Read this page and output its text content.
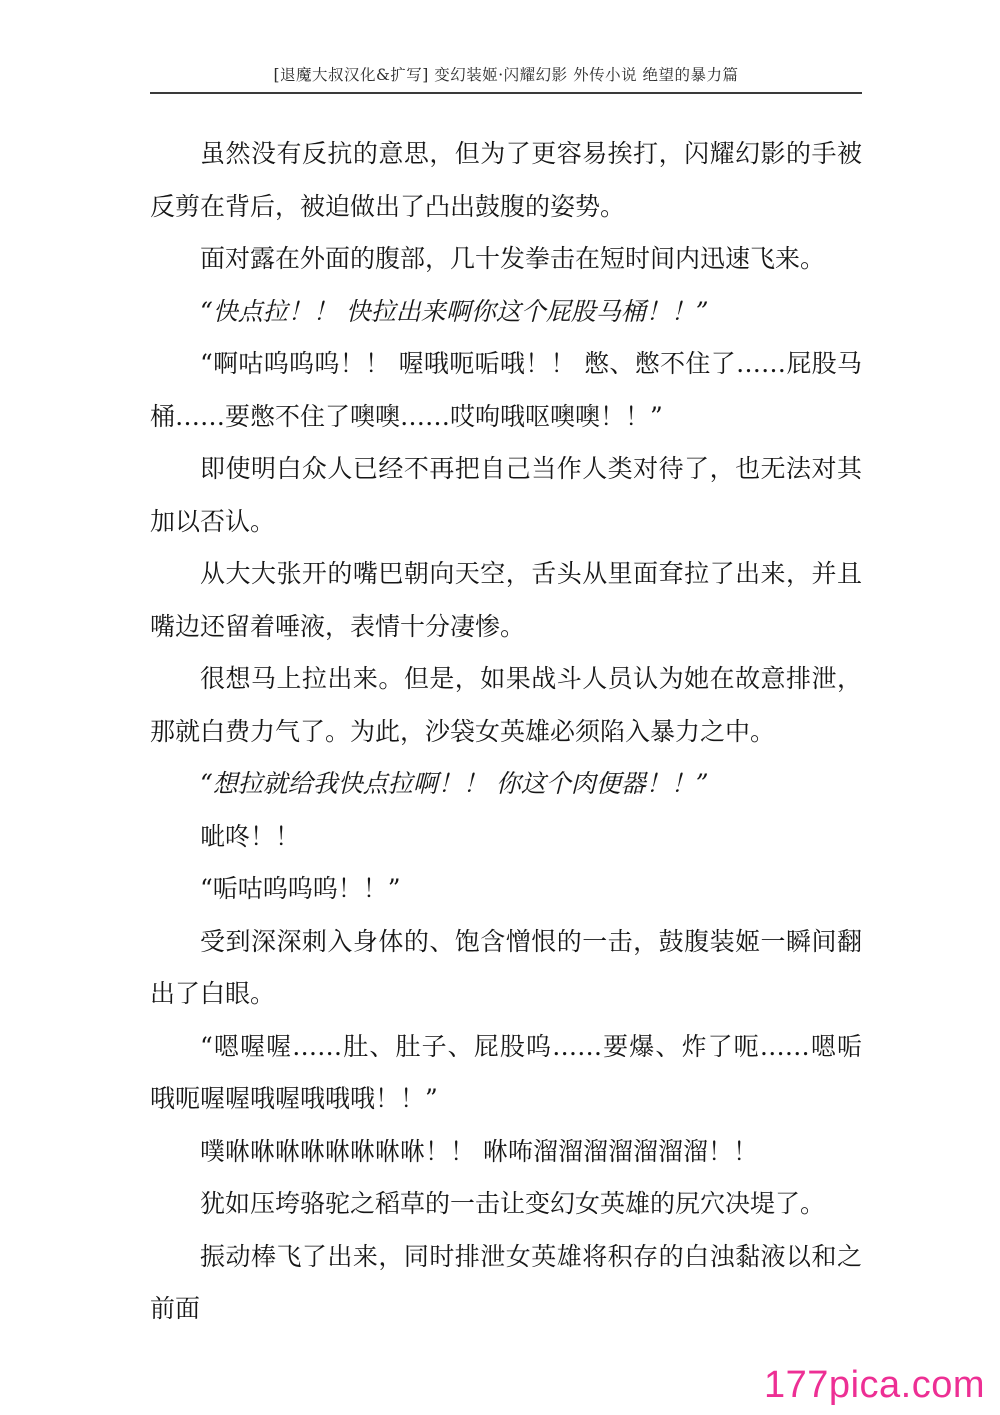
[退魔大叔汉化&扩写] 变幻装姬·闪耀幻影 外传小说 绝望的暴力篇

虽然没有反抗的意思，但为了更容易挨打，闪耀幻影的手被反剪在背后，被迫做出了凸出鼓腹的姿势。

面对露在外面的腹部，几十发拳击在短时间内迅速飞来。

“快点拉！！ 快拉出来啊你这个屁股马桶！！”

“啊咕呜呜呜！！ 喔哦呃㖃哦！！ 憋、憋不住了……屁股马桶……要憋不住了噢噢……哎呴哦呕噢噢！！”

即使明白众人已经不再把自己当作人类对待了，也无法对其加以否认。

从大大张开的嘴巴朝向天空，舌头从里面耷拉了出来，并且嘴边还留着唾液，表情十分凄惨。

很想马上拉出来。但是，如果战斗人员认为她在故意排泄，那就白费力气了。为此，沙袋女英雄必须陷入暴力之中。

“想拉就给我快点拉啊！！ 你这个肉便器！！”

呲咚！！

“㖃咕呜呜呜！！”

受到深深刺入身体的、饱含憎恨的一击，鼓腹装姬一瞬间翻出了白眼。

“嗯喔喔……肚、肚子、屁股呜……要爆、炸了呃……嗯㖃哦呃喔喔哦喔哦哦哦！！”

噗咻咻咻咻咻咻咻咻！！ 咻咘溜溜溜溜溜溜溜！！

犹如压垮骆驼之稻草的一击让变幻女英雄的尻穴决堤了。

振动棒飞了出来，同时排泄女英雄将积存的白浊黏液以和之前面

177pica.com
